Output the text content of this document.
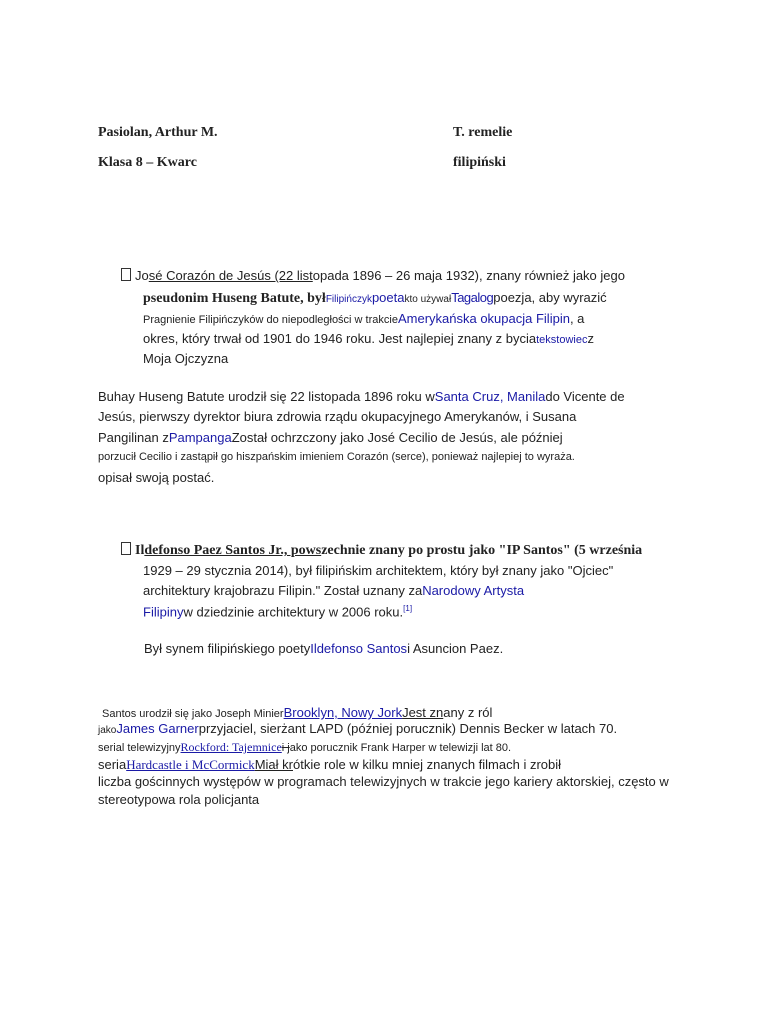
Pasiolan, Arthur M.	T. remelie
Klasa 8 – Kwarc	filipiński
José Corazón de Jesús (22 listopada 1896 – 26 maja 1932), znany również jako jego
pseudonim Huseng Batute, byłFilipińczykpoetakto używałTagalogpoezja, aby wyrazić
Pragnienie Filipińczyków do niepodległości w trakcieAmerykańska okupacja Filipin, a
okres, który trwał od 1901 do 1946 roku. Jest najlepiej znany z byciatekstowiecz
Moja Ojczyzna
Buhay Huseng Batute urodził się 22 listopada 1896 roku wSanta Cruz, Manilado Vicente de
Jesús, pierwszy dyrektor biura zdrowia rządu okupacyjnego Amerykanów, i Susana
Pangilinan zPampangaZostał ochrzczony jako José Cecilio de Jesús, ale później
porzucił Cecilio i zastąpił go hiszpańskim imieniem Corazón (serce), ponieważ najlepiej to wyraża.
opisał swoją postać.
Ildefonso Paez Santos Jr., powszechnie znany po prostu jako "IP Santos" (5 września
1929 – 29 stycznia 2014), był filipińskim architektem, który był znany jako "Ojciec"
architektury krajobrazu Filipin." Został uznany zaNarodowy Artysta
Filipinyw dziedzinie architektury w 2006 roku.[1]
Był synem filipińskiego poetyIldefonso Santosi Asuncion Paez.
Santos urodził się jako Joseph MinierBrooklyn, Nowy JorkJest znany z ról
jakoJames Garnerprzyjaciel, sierżant LAPD (później porucznik) Dennis Becker w latach 70.
serial telewizyjnyRockford: Tajemnicei jako porucznik Frank Harper w telewizji lat 80.
seriaHardcastle i McCormickMiał krótkie role w kilku mniej znanych filmach i zrobił
liczba gościnnych występów w programach telewizyjnych w trakcie jego kariery aktorskiej, często w
stereotypowa rola policjanta
